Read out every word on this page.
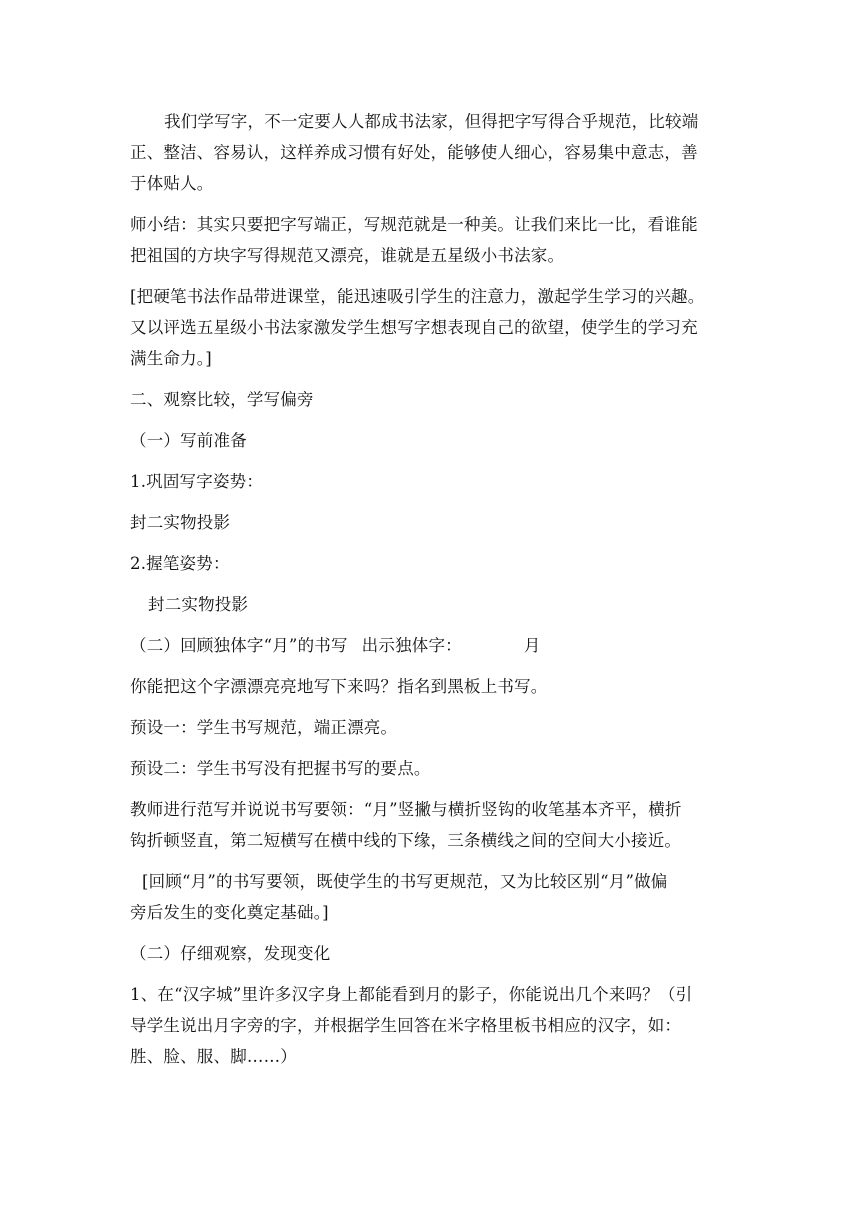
我们学写字，不一定要人人都成书法家，但得把字写得合乎规范，比较端
正、整洁、容易认，这样养成习惯有好处，能够使人细心，容易集中意志，善
于体贴人。
师小结：其实只要把字写端正，写规范就是一种美。让我们来比一比，看谁能
把祖国的方块字写得规范又漂亮，谁就是五星级小书法家。
[把硬笔书法作品带进课堂，能迅速吸引学生的注意力，激起学生学习的兴趣。
又以评选五星级小书法家激发学生想写字想表现自己的欲望，使学生的学习充
满生命力。]
二、观察比较，学写偏旁
（一）写前准备
1.巩固写字姿势：
封二实物投影
2.握笔姿势：
封二实物投影
（二）回顾独体字“月”的书写 出示独体字：	月
你能把这个字漂漂亮亮地写下来吗？指名到黑板上书写。
预设一：学生书写规范，端正漂亮。
预设二：学生书写没有把握书写的要点。
教师进行范写并说说书写要领：“月”竖撇与横折竖钩的收笔基本齐平，横折
钩折顿竖直，第二短横写在横中线的下缘，三条横线之间的空间大小接近。
[回顾“月”的书写要领，既使学生的书写更规范，又为比较区别“月”做偏
旁后发生的变化奠定基础。]
（二）仔细观察，发现变化
1、在“汉字城”里许多汉字身上都能看到月的影子，你能说出几个来吗？（引
导学生说出月字旁的字，并根据学生回答在米字格里板书相应的汉字，如：
胜、脸、服、脚……）
